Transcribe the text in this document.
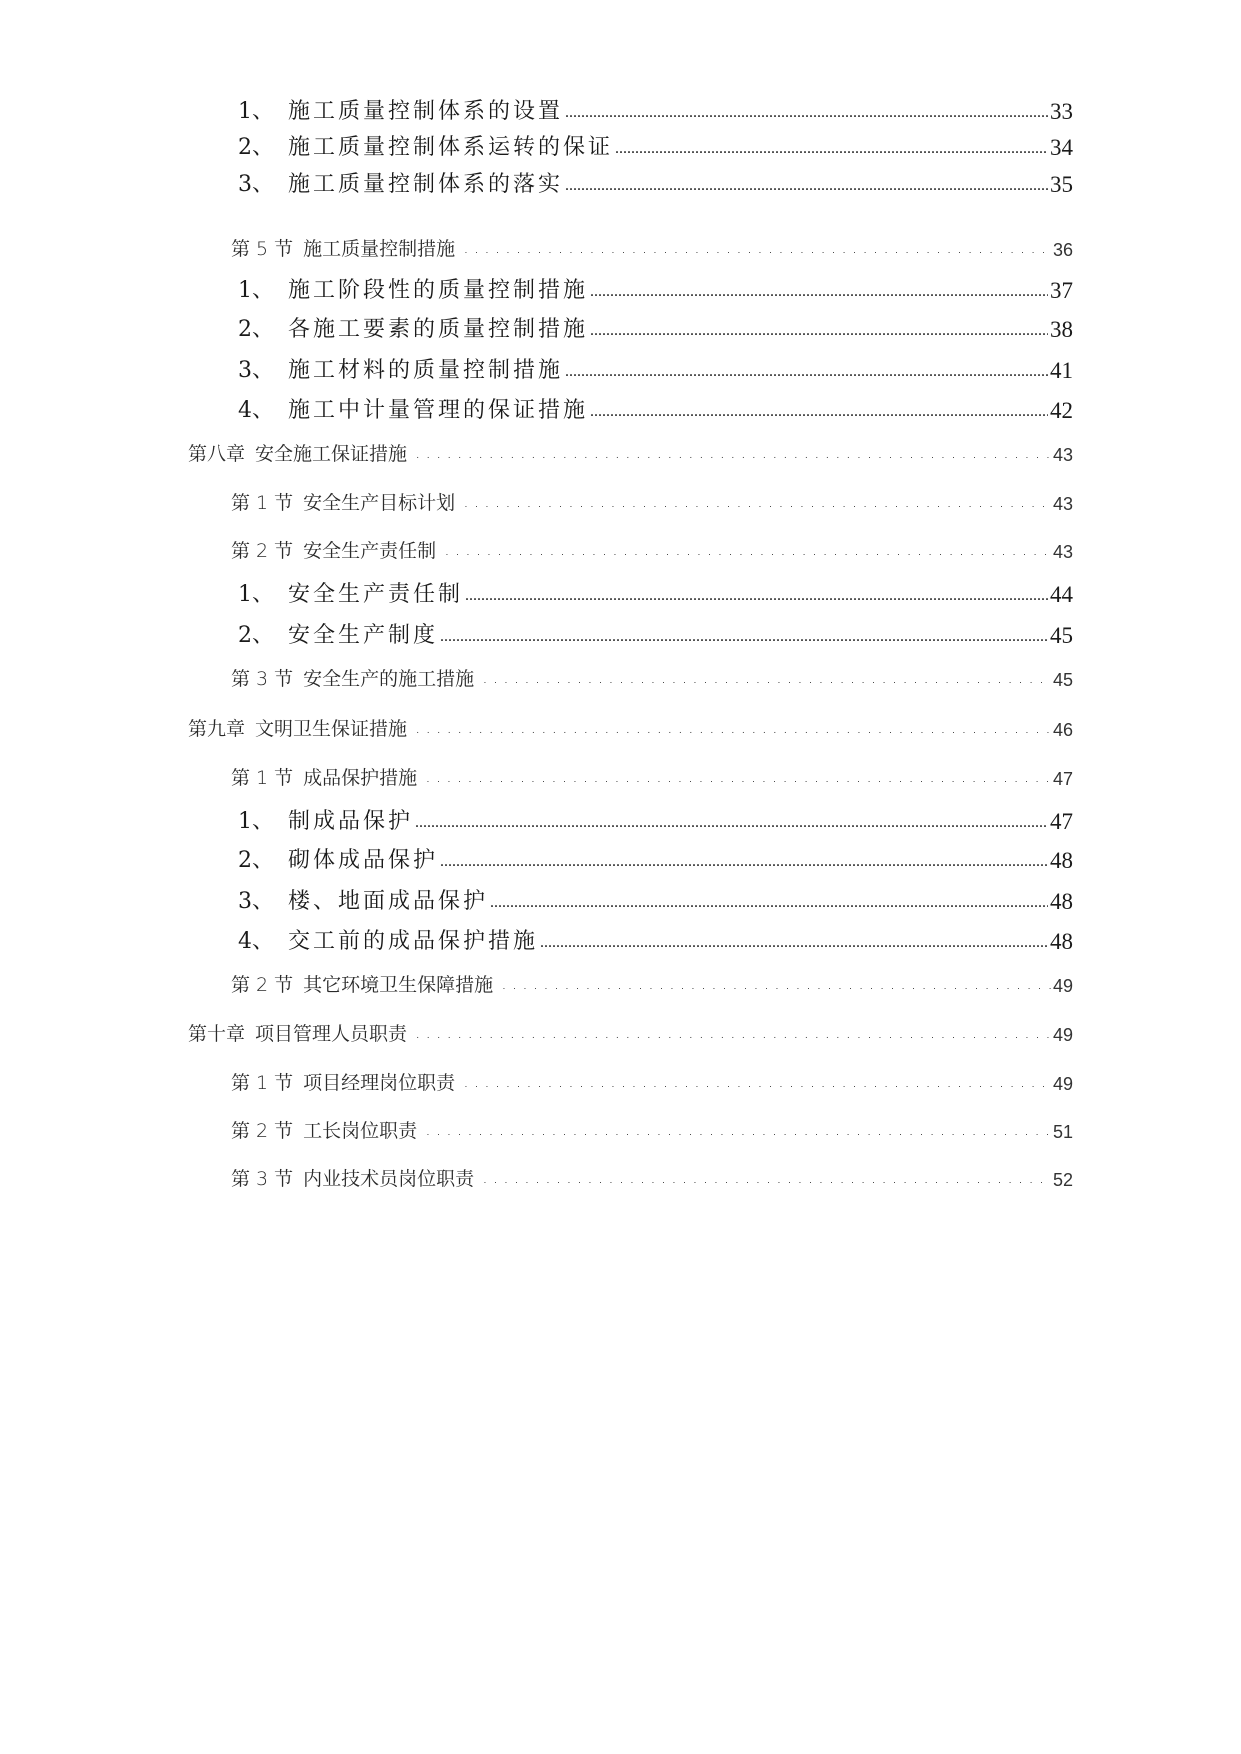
1、 施工质量控制体系的设置 .....	33
2、 施工质量控制体系运转的保证 .....	34
3、 施工质量控制体系的落实 .....	35
第 5 节 施工质量控制措施 .....	36
1、 施工阶段性的质量控制措施 .....	37
2、 各施工要素的质量控制措施 .....	38
3、 施工材料的质量控制措施 .....	41
4、 施工中计量管理的保证措施 .....	42
第八章 安全施工保证措施 .....	43
第 1 节 安全生产目标计划 .....	43
第 2 节 安全生产责任制 .....	43
1、 安全生产责任制 .....	44
2、 安全生产制度 .....	45
第 3 节 安全生产的施工措施 .....	45
第九章 文明卫生保证措施 .....	46
第 1 节 成品保护措施 .....	47
1、 制成品保护 .....	47
2、 砌体成品保护 .....	48
3、 楼、地面成品保护 .....	48
4、 交工前的成品保护措施 .....	48
第 2 节 其它环境卫生保障措施 .....	49
第十章 项目管理人员职责 .....	49
第 1 节 项目经理岗位职责 .....	49
第 2 节 工长岗位职责 .....	51
第 3 节 内业技术员岗位职责 .....	52
